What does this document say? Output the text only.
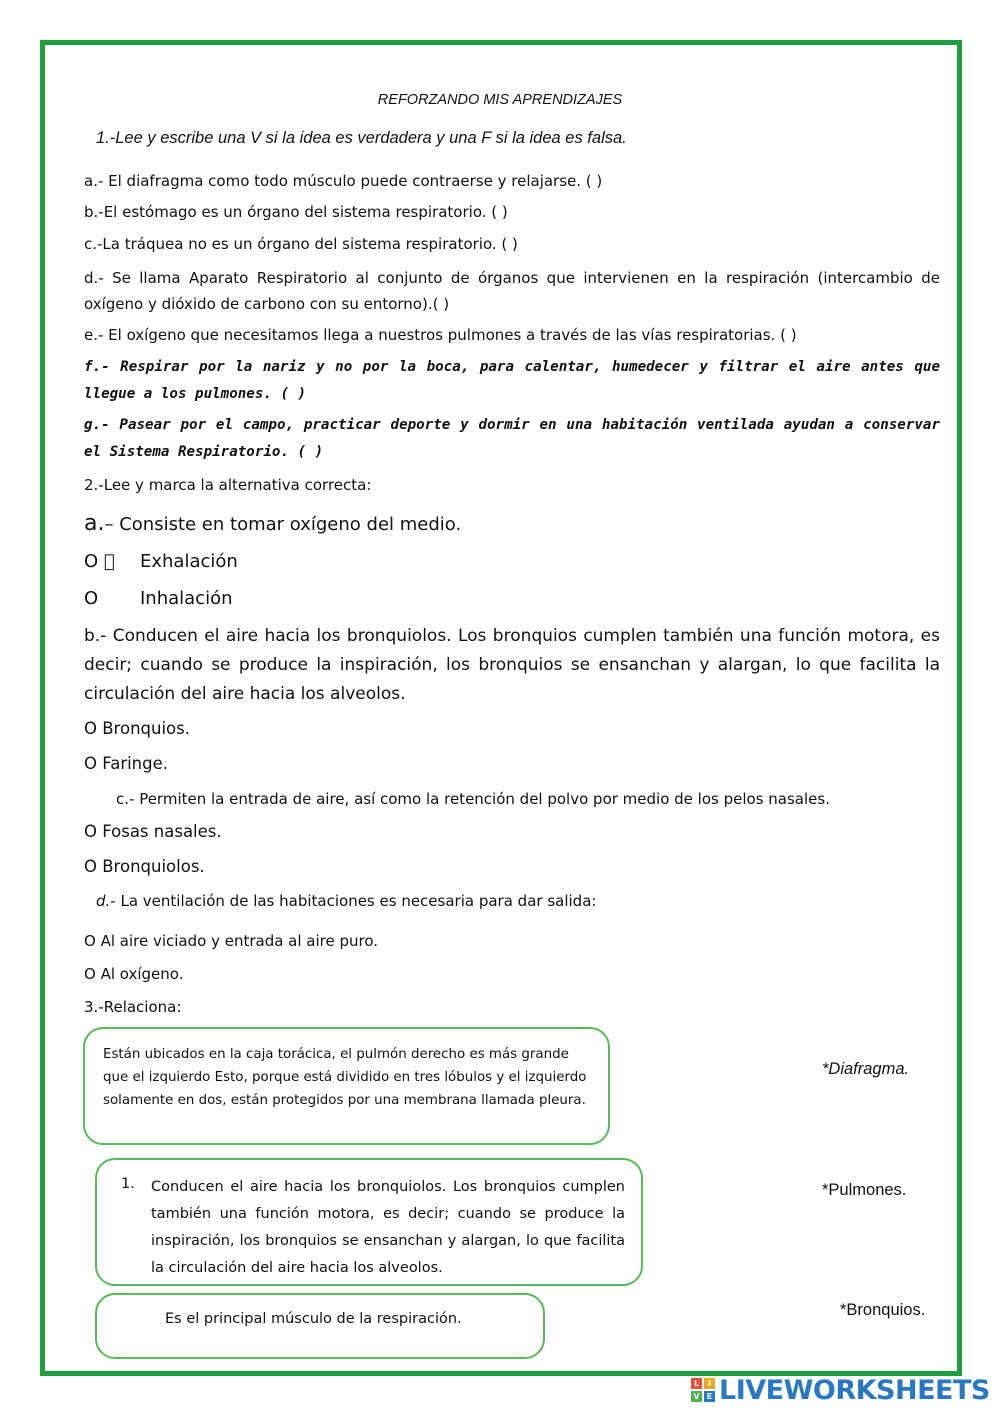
REFORZANDO MIS APRENDIZAJES
1.-Lee y escribe una V si la idea es verdadera y una F si la idea es falsa.
a.- El diafragma como todo músculo puede contraerse y relajarse. ( )
b.-El estómago es un órgano del sistema respiratorio. ( )
c.-La tráquea no es un órgano del sistema respiratorio. ( )
d.- Se llama Aparato Respiratorio al conjunto de órganos que intervienen en la respiración (intercambio de oxígeno y dióxido de carbono con su entorno).( )
e.- El oxígeno que necesitamos llega a nuestros pulmones a través de las vías respiratorias. ( )
f.- Respirar por la nariz y no por la boca, para calentar, humedecer y filtrar el aire antes que llegue a los pulmones. ( )
g.- Pasear por el campo, practicar deporte y dormir en una habitación ventilada ayudan a conservar el Sistema Respiratorio. ( )
2.-Lee y marca la alternativa correcta:
a.– Consiste en tomar oxígeno del medio.
OExhalación
O Inhalación
b.- Conducen el aire hacia los bronquiolos. Los bronquios cumplen también una función motora, es decir; cuando se produce la inspiración, los bronquios se ensanchan y alargan, lo que facilita la circulación del aire hacia los alveolos.
O Bronquios.
O Faringe.
c.- Permiten la entrada de aire, así como la retención del polvo por medio de los pelos nasales.
O Fosas nasales.
O Bronquiolos.
d.- La ventilación de las habitaciones es necesaria para dar salida:
O Al aire viciado y entrada al aire puro.
O Al oxígeno.
3.-Relaciona:
Están ubicados en la caja torácica, el pulmón derecho es más grande que el izquierdo Esto, porque está dividido en tres lóbulos y el izquierdo solamente en dos, están protegidos por una membrana llamada pleura.
1. Conducen el aire hacia los bronquiolos. Los bronquios cumplen también una función motora, es decir; cuando se produce la inspiración, los bronquios se ensanchan y alargan, lo que facilita la circulación del aire hacia los alveolos.
Es el principal músculo de la respiración.
*Diafragma.
*Pulmones.
*Bronquios.
L	I
V E LIVEWORKSHEETS
